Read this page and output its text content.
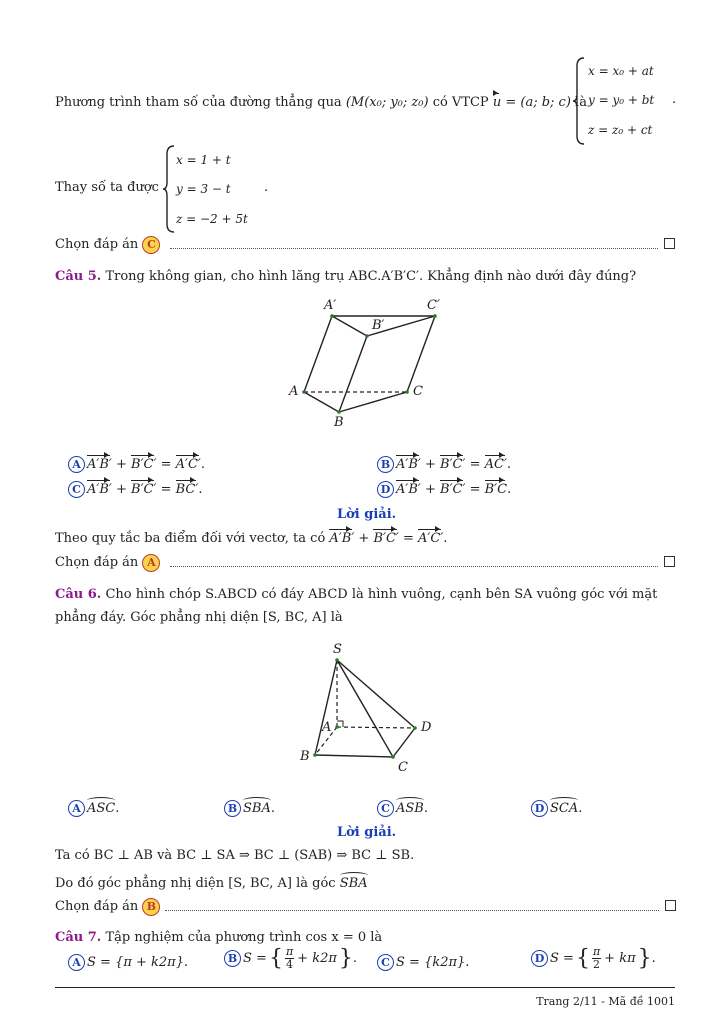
Phương trình tham số của đường thẳng qua (M(x₀; y₀; z₀) có VTCP u = (a; b; c) là
x = x₀ + at
y = y₀ + bt
z = z₀ + ct
.
Thay số ta được
x = 1 + t
y = 3 − t
z = −2 + 5t
.
Chọn đáp án C
Câu 5. Trong không gian, cho hình lăng trụ ABC.A′B′C′. Khẳng định nào dưới đây đúng?
A′	C′
B′
A	C
B
A A′B′ + B′C′ = A′C′.	B A′B′ + B′C′ = AC′.
C A′B′ + B′C′ = BC′.	D A′B′ + B′C′ = B′C.
Lời giải.
Theo quy tắc ba điểm đối với vectơ, ta có A′B′ + B′C′ = A′C′.
Chọn đáp án A
Câu 6. Cho hình chóp S.ABCD có đáy ABCD là hình vuông, cạnh bên SA vuông góc với mặt
phẳng đáy. Góc phẳng nhị diện [S, BC, A] là
S
A	D
B
C
A ASC.	B SBA.	C ASB.	D SCA.
Lời giải.
Ta có BC ⊥ AB và BC ⊥ SA ⇒ BC ⊥ (SAB) ⇒ BC ⊥ SB.
Do đó góc phẳng nhị diện [S, BC, A] là góc SBA
Chọn đáp án B
Câu 7. Tập nghiệm của phương trình cos x = 0 là
A S = {π + k2π}.	B S = { $\frac{\pi}{4} + k2\pi$ } .	C S = {k2π}.	D S = { $\frac{\pi}{2} + k\pi$ } .
Trang 2/11 - Mã đề 1001
